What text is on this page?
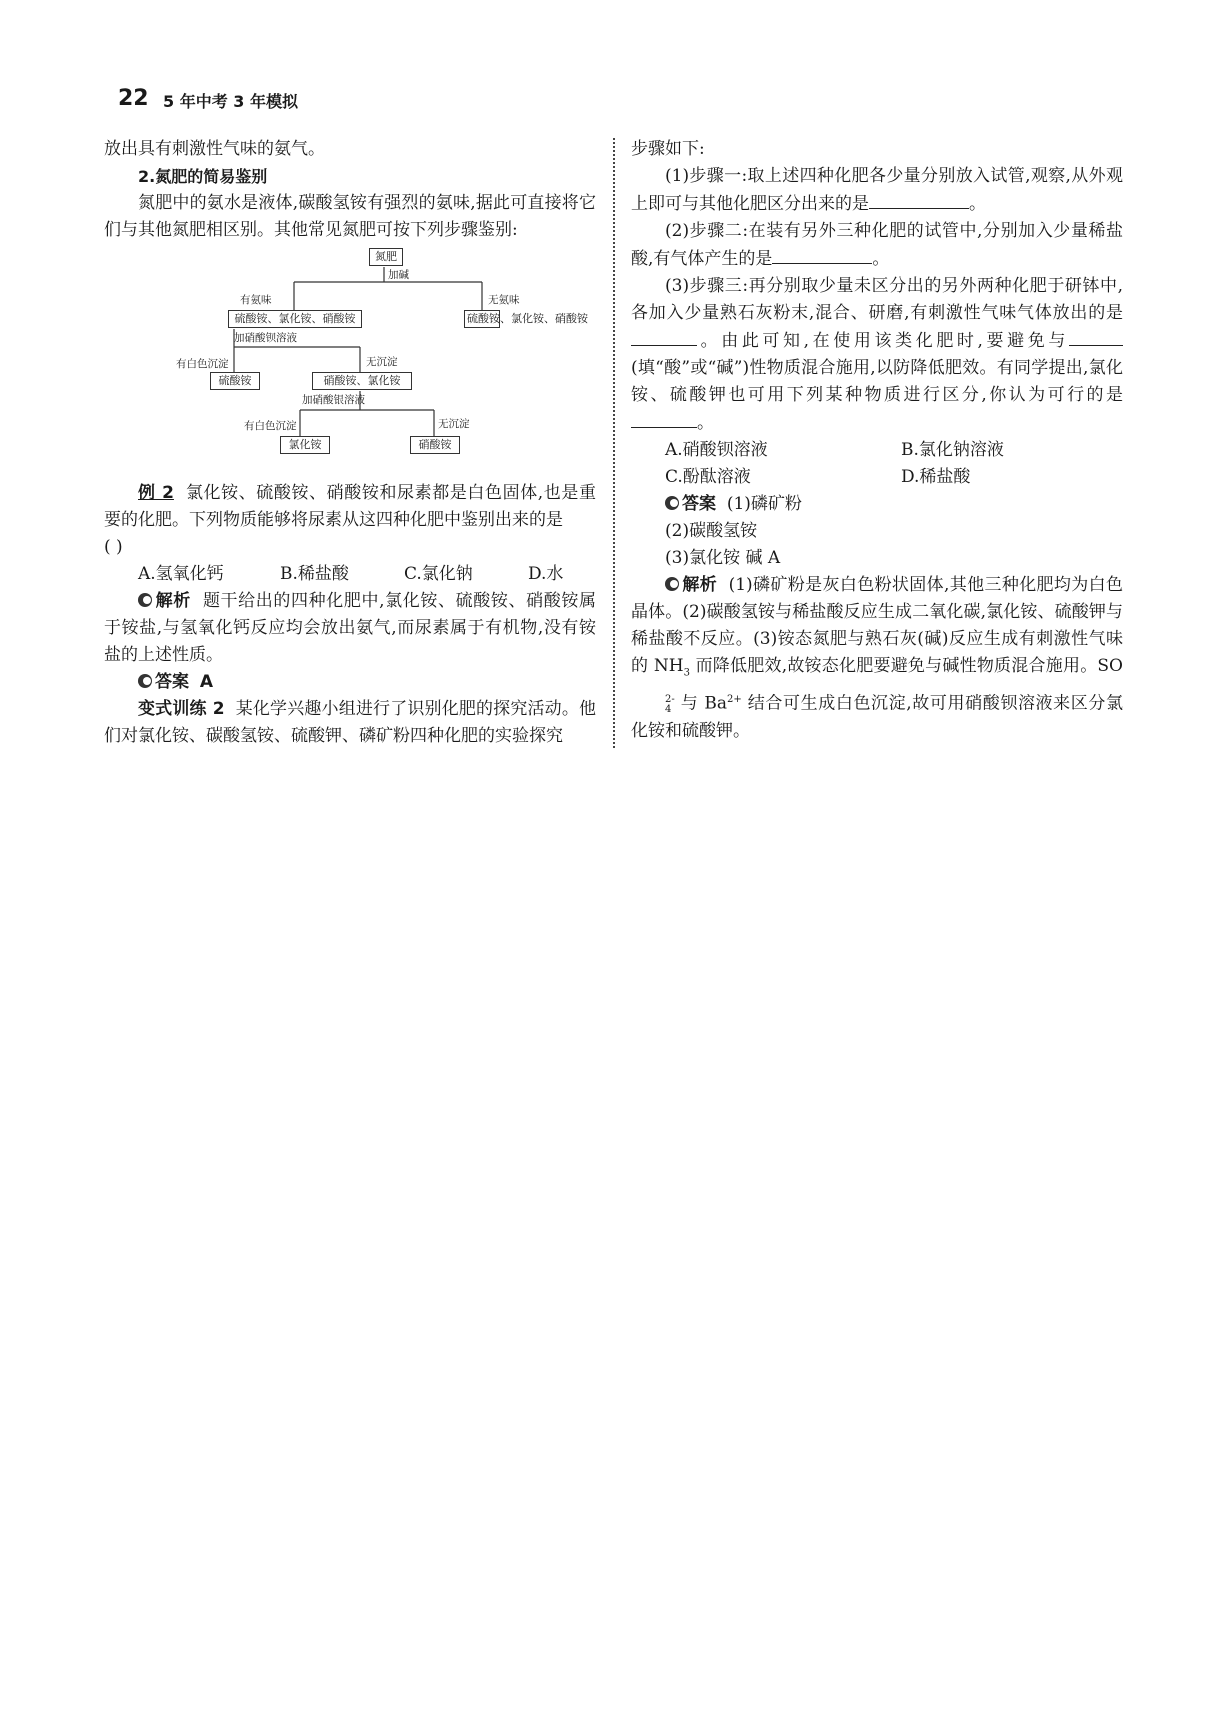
22 5 年中考 3 年模拟

放出具有刺激性气味的氨气。

2.氮肥的简易鉴别

氮肥中的氨水是液体,碳酸氢铵有强烈的氨味,据此可直接将它们与其他氮肥相区别。其他常见氮肥可按下列步骤鉴别:

氮肥
加碱
有氨味	无氨味
硫酸铵、氯化铵、硝酸铵	硫酸铵、氯化铵、硝酸铵
加硝酸钡溶液
有白色沉淀	无沉淀
硫酸铵	硝酸铵、氯化铵
加硝酸银溶液
有白色沉淀	无沉淀
氯化铵	硝酸铵

例 2 氯化铵、硫酸铵、硝酸铵和尿素都是白色固体,也是重要的化肥。下列物质能够将尿素从这四种化肥中鉴别出来的是

( )

A.氢氧化钙	B.稀盐酸	C.氯化钠	D.水

解析 题干给出的四种化肥中,氯化铵、硫酸铵、硝酸铵属于铵盐,与氢氧化钙反应均会放出氨气,而尿素属于有机物,没有铵盐的上述性质。

答案 A

变式训练 2 某化学兴趣小组进行了识别化肥的探究活动。他们对氯化铵、碳酸氢铵、硫酸钾、磷矿粉四种化肥的实验探究

步骤如下:

(1)步骤一:取上述四种化肥各少量分别放入试管,观察,从外观上即可与其他化肥区分出来的是	。

(2)步骤二:在装有另外三种化肥的试管中,分别加入少量稀盐酸,有气体产生的是	。

(3)步骤三:再分别取少量未区分出的另外两种化肥于研钵中,各加入少量熟石灰粉末,混合、研磨,有刺激性气味气体放出的是。由此可知,在使用该类化肥时,要避免与(填“酸”或“碱”)性物质混合施用,以防降低肥效。有同学提出,氯化铵、硫酸钾也可用下列某种物质进行区分,你认为可行的是。

A.硝酸钡溶液	B.氯化钠溶液
C.酚酞溶液	D.稀盐酸

答案 (1)磷矿粉

(2)碳酸氢铵

(3)氯化铵 碱 A

解析 (1)磷矿粉是灰白色粉状固体,其他三种化肥均为白色晶体。(2)碳酸氢铵与稀盐酸反应生成二氧化碳,氯化铵、硫酸钾与稀盐酸不反应。(3)铵态氮肥与熟石灰(碱)反应生成有刺激性气味的 $NH_3$ 而降低肥效,故铵态化肥要避免与碱性物质混合施用。SO
2-
4 与 $Ba^{2+}$ 结合可生成白色沉淀,故可用硝酸钡溶液来区分氯化铵和硫酸钾。
